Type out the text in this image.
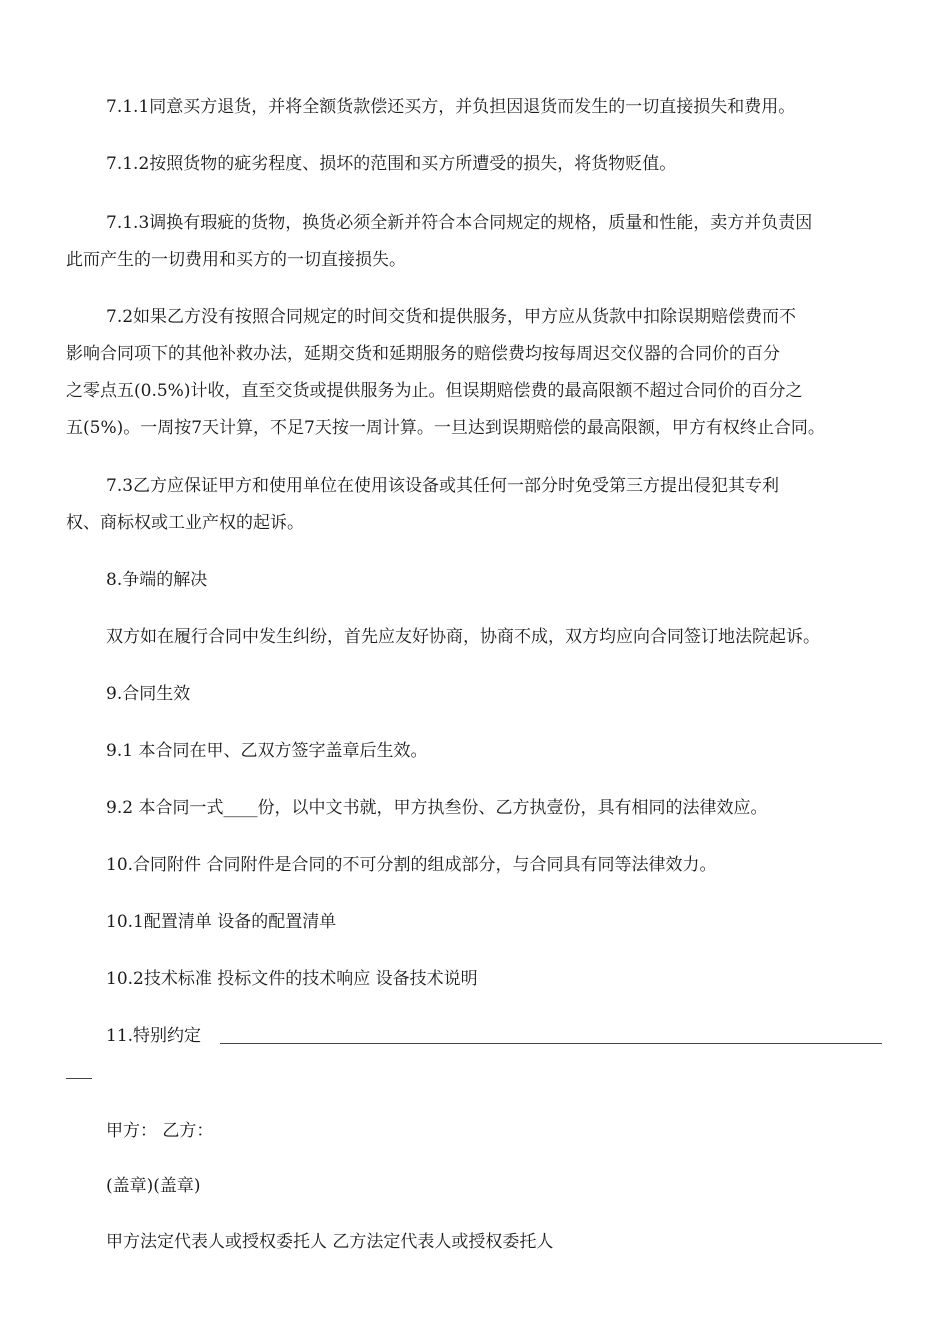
7.1.1同意买方退货，并将全额货款偿还买方，并负担因退货而发生的一切直接损失和费用。
7.1.2按照货物的疵劣程度、损坏的范围和买方所遭受的损失，将货物贬值。
7.1.3调换有瑕疵的货物，换货必须全新并符合本合同规定的规格，质量和性能，卖方并负责因
此而产生的一切费用和买方的一切直接损失。
7.2如果乙方没有按照合同规定的时间交货和提供服务，甲方应从货款中扣除误期赔偿费而不
影响合同项下的其他补救办法，延期交货和延期服务的赔偿费均按每周迟交仪器的合同价的百分
之零点五(0.5%)计收，直至交货或提供服务为止。但误期赔偿费的最高限额不超过合同价的百分之
五(5%)。一周按7天计算，不足7天按一周计算。一旦达到误期赔偿的最高限额，甲方有权终止合同。
7.3乙方应保证甲方和使用单位在使用该设备或其任何一部分时免受第三方提出侵犯其专利
权、商标权或工业产权的起诉。
8.争端的解决
双方如在履行合同中发生纠纷，首先应友好协商，协商不成，双方均应向合同签订地法院起诉。
9.合同生效
9.1 本合同在甲、乙双方签字盖章后生效。
9.2 本合同一式____份，以中文书就，甲方执叁份、乙方执壹份，具有相同的法律效应。
10.合同附件 合同附件是合同的不可分割的组成部分，与合同具有同等法律效力。
10.1配置清单 设备的配置清单
10.2技术标准 投标文件的技术响应 设备技术说明
11.特别约定
甲方： 乙方：
(盖章)(盖章)
甲方法定代表人或授权委托人 乙方法定代表人或授权委托人
